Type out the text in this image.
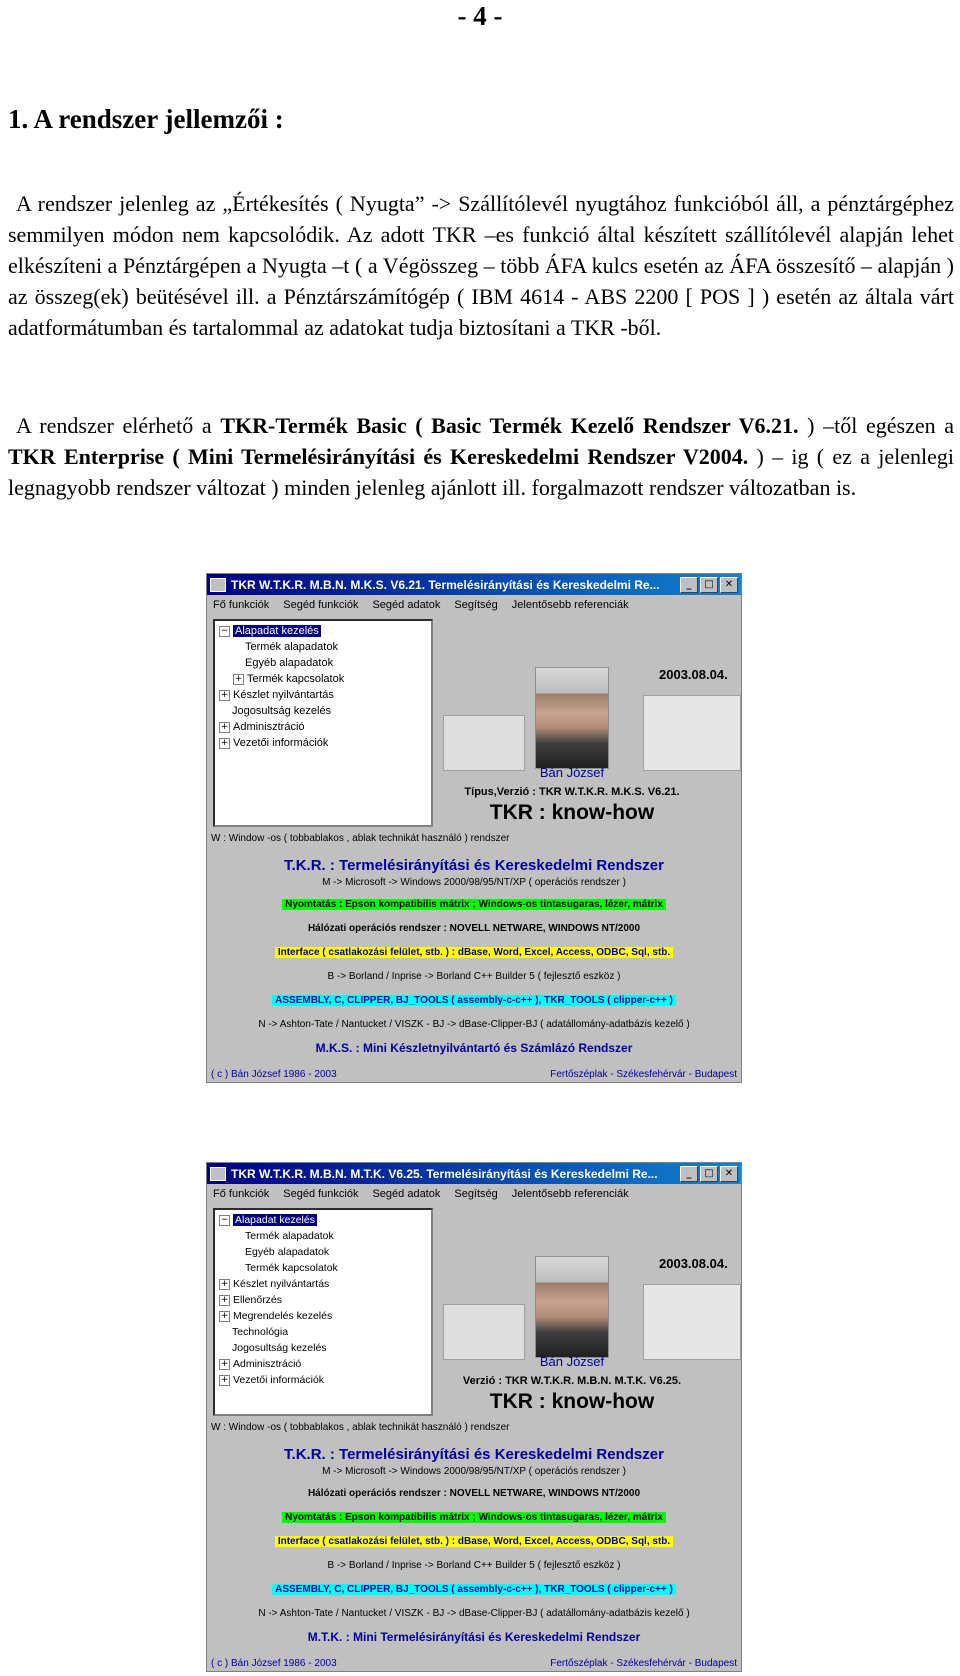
- 4 -
1. A rendszer jellemzői :

A rendszer jelenleg az „Értékesítés ( Nyugta” -> Szállítólevél nyugtához funkcióból áll, a pénztárgéphez semmilyen módon nem kapcsolódik. Az adott TKR –es funkció által készített szállítólevél alapján lehet elkészíteni a Pénztárgépen a Nyugta –t ( a Végösszeg – több ÁFA kulcs esetén az ÁFA összesítő – alapján ) az összeg(ek) beütésével ill. a Pénztárszámítógép ( IBM 4614 - ABS 2200 [ POS ] ) esetén az általa várt adatformátumban és tartalommal az adatokat tudja biztosítani a TKR -ből.

A rendszer elérhető a TKR-Termék Basic ( Basic Termék Kezelő Rendszer V6.21. ) –től egészen a TKR Enterprise ( Mini Termelésirányítási és Kereskedelmi Rendszer V2004. ) – ig ( ez a jelenlegi legnagyobb rendszer változat ) minden jelenleg ajánlott ill. forgalmazott rendszer változatban is.

TKR W.T.K.R. M.B.N. M.K.S. V6.21. Termelésirányítási és Kereskedelmi Re...	_	□	✕
Fő funkciók Segéd funkciók Segéd adatok Segítség Jelentősebb referenciák
− Alapadat kezelés
Termék alapadatok
Egyéb alapadatok
+ Termék kapcsolatok
+ Készlet nyilvántartás
Jogosultság kezelés
+ Adminisztráció
+ Vezetői információk
2003.08.04.
Bán József
Típus,Verzió : TKR W.T.K.R. M.K.S. V6.21.
TKR : know-how
W : Window -os ( tobbablakos , ablak technikát használó ) rendszer
T.K.R. : Termelésirányítási és Kereskedelmi Rendszer
M -> Microsoft -> Windows 2000/98/95/NT/XP ( operációs rendszer )
Nyomtatás : Epson kompatibilis mátrix ; Windows-os tintasugaras, lézer, mátrix
Hálózati operációs rendszer : NOVELL NETWARE, WINDOWS NT/2000
Interface ( csatlakozási felület, stb. ) : dBase, Word, Excel, Access, ODBC, Sql, stb.
B -> Borland / Inprise -> Borland C++ Builder 5 ( fejlesztő eszköz )
ASSEMBLY, C, CLIPPER, BJ_TOOLS ( assembly-c-c++ ), TKR_TOOLS ( clipper-c++ )
N -> Ashton-Tate / Nantucket / VISZK - BJ -> dBase-Clipper-BJ ( adatállomány-adatbázis kezelő )
M.K.S. : Mini Készletnyilvántartó és Számlázó Rendszer
( c ) Bán József 1986 - 2003	Fertőszéplak - Székesfehérvár - Budapest
TKR W.T.K.R. M.B.N. M.T.K. V6.25. Termelésirányítási és Kereskedelmi Re...	_	□	✕
Fő funkciók Segéd funkciók Segéd adatok Segítség Jelentősebb referenciák
− Alapadat kezelés
Termék alapadatok
Egyéb alapadatok
Termék kapcsolatok
+ Készlet nyilvántartás
+ Ellenőrzés
+ Megrendelés kezelés
Technológia
Jogosultság kezelés
+ Adminisztráció
+ Vezetői információk
2003.08.04.
Bán József
Verzió : TKR W.T.K.R. M.B.N. M.T.K. V6.25.
TKR : know-how
W : Window -os ( tobbablakos , ablak technikát használó ) rendszer
T.K.R. : Termelésirányítási és Kereskedelmi Rendszer
M -> Microsoft -> Windows 2000/98/95/NT/XP ( operációs rendszer )
Hálózati operációs rendszer : NOVELL NETWARE, WINDOWS NT/2000
Nyomtatás : Epson kompatibilis mátrix ; Windows-os tintasugaras, lézer, mátrix
Interface ( csatlakozási felület, stb. ) : dBase, Word, Excel, Access, ODBC, Sql, stb.
B -> Borland / Inprise -> Borland C++ Builder 5 ( fejlesztő eszköz )
ASSEMBLY, C, CLIPPER, BJ_TOOLS ( assembly-c-c++ ), TKR_TOOLS ( clipper-c++ )
N -> Ashton-Tate / Nantucket / VISZK - BJ -> dBase-Clipper-BJ ( adatállomány-adatbázis kezelő )
M.T.K. : Mini Termelésirányítási és Kereskedelmi Rendszer
( c ) Bán József 1986 - 2003	Fertőszéplak - Székesfehérvár - Budapest
